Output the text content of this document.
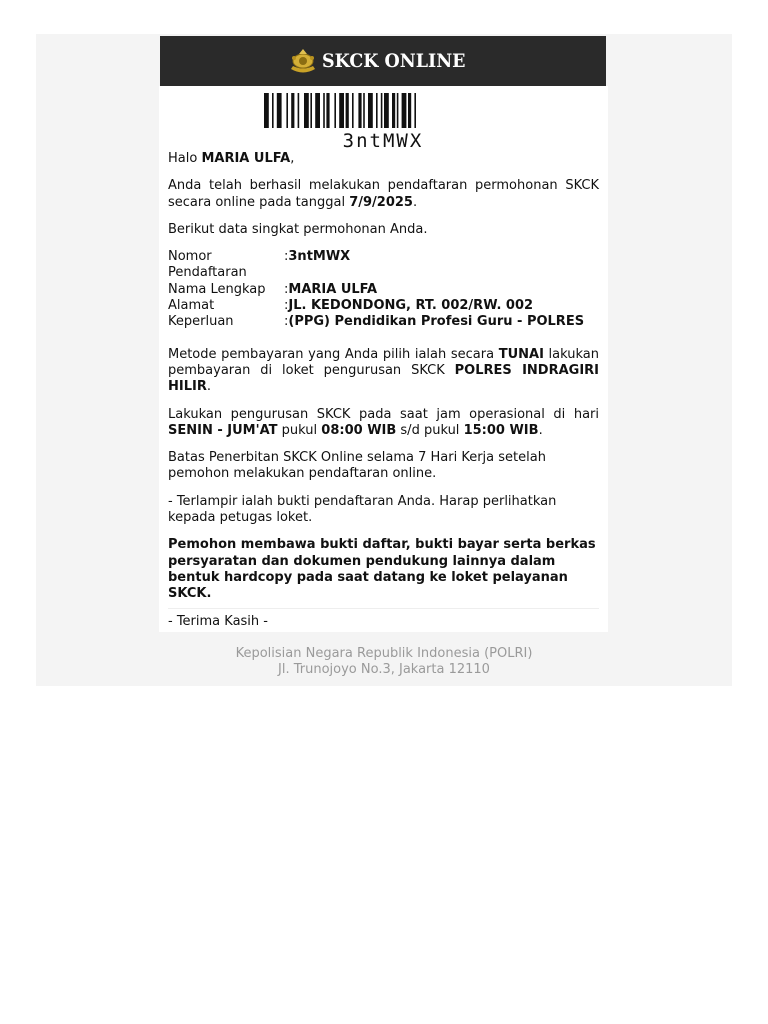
SKCK ONLINE
3ntMWX

Halo MARIA ULFA,

Anda telah berhasil melakukan pendaftaran permohonan SKCK

secara online pada tanggal 7/9/2025.

Berikut data singkat permohonan Anda.

Nomor Pendaftaran	:3ntMWX
Nama Lengkap	:MARIA ULFA
Alamat	:JL. KEDONDONG, RT. 002/RW. 002
Keperluan	:(PPG) Pendidikan Profesi Guru - POLRES

Metode pembayaran yang Anda pilih ialah secara TUNAI lakukan pembayaran di loket pengurusan SKCK POLRES INDRAGIRI HILIR.

Lakukan pengurusan SKCK pada saat jam operasional di hari SENIN - JUM'AT pukul 08:00 WIB s/d pukul 15:00 WIB.

Batas Penerbitan SKCK Online selama 7 Hari Kerja setelah pemohon melakukan pendaftaran online.

- Terlampir ialah bukti pendaftaran Anda. Harap perlihatkan kepada petugas loket.

Pemohon membawa bukti daftar, bukti bayar serta berkas persyaratan dan dokumen pendukung lainnya dalam bentuk hardcopy pada saat datang ke loket pelayanan SKCK.

- Terima Kasih -

Kepolisian Negara Republik Indonesia (POLRI)
Jl. Trunojoyo No.3, Jakarta 12110
